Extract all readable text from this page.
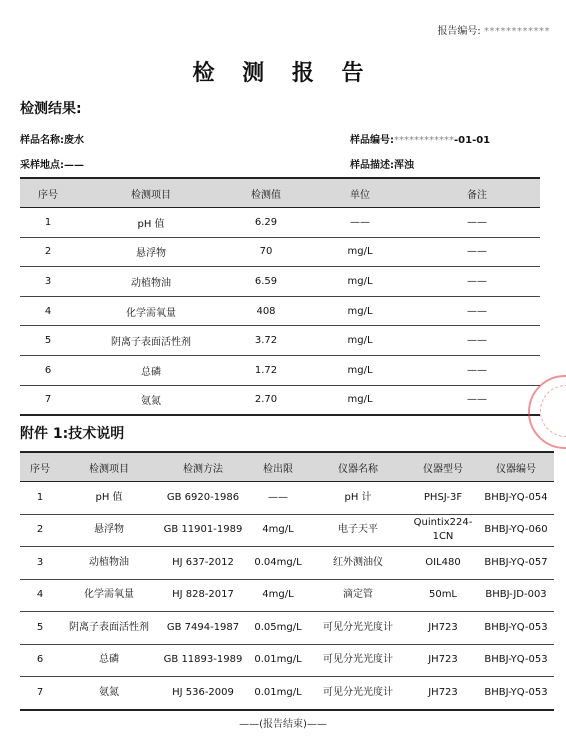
报告编号: ************
检 测 报 告
检测结果:
样品名称:废水	样品编号:************-01-01
采样地点:——	样品描述:浑浊
序号	检测项目	检测值	单位	备注
1	pH 值	6.29	——	——
2	悬浮物	70	mg/L	——
3	动植物油	6.59	mg/L	——
4	化学需氧量	408	mg/L	——
5	阴离子表面活性剂	3.72	mg/L	——
6	总磷	1.72	mg/L	——
7	氨氮	2.70	mg/L	——
附件 1:技术说明
序号	检测项目	检测方法	检出限	仪器名称	仪器型号	仪器编号
1	pH 值	GB 6920-1986	——	pH 计	PHSJ-3F	BHBJ-YQ-054
2	悬浮物	GB 11901-1989	4mg/L	电子天平	Quintix224-1CN	BHBJ-YQ-060
3	动植物油	HJ 637-2012	0.04mg/L	红外测油仪	OIL480	BHBJ-YQ-057
4	化学需氧量	HJ 828-2017	4mg/L	滴定管	50mL	BHBJ-JD-003
5	阴离子表面活性剂	GB 7494-1987	0.05mg/L	可见分光光度计	JH723	BHBJ-YQ-053
6	总磷	GB 11893-1989	0.01mg/L	可见分光光度计	JH723	BHBJ-YQ-053
7	氨氮	HJ 536-2009	0.01mg/L	可见分光光度计	JH723	BHBJ-YQ-053
——(报告结束)——
